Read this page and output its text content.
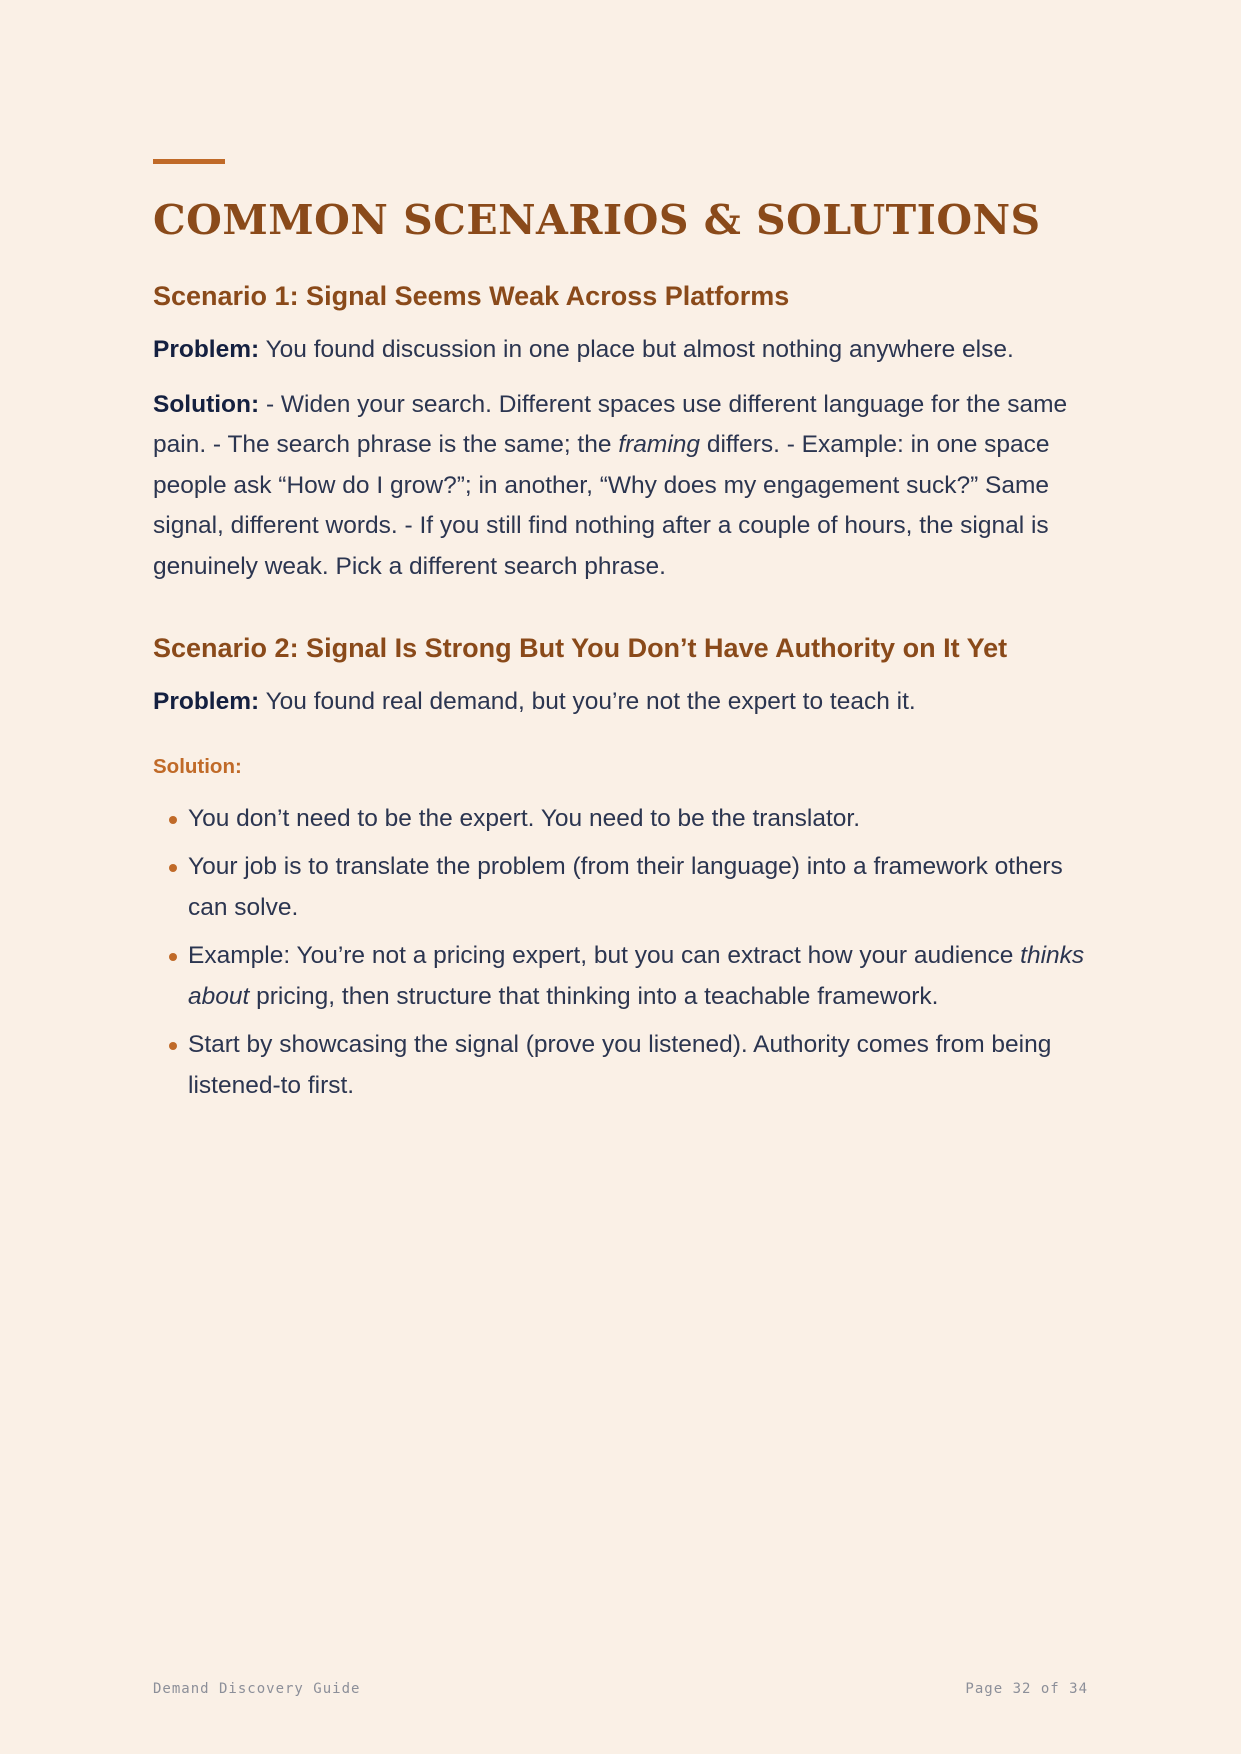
COMMON SCENARIOS & SOLUTIONS
Scenario 1: Signal Seems Weak Across Platforms

Problem: You found discussion in one place but almost nothing anywhere else.

Solution: - Widen your search. Different spaces use different language for the same pain. - The search phrase is the same; the framing differs. - Example: in one space people ask “How do I grow?”; in another, “Why does my engagement suck?” Same signal, different words. - If you still find nothing after a couple of hours, the signal is genuinely weak. Pick a different search phrase.

Scenario 2: Signal Is Strong But You Don’t Have Authority on It Yet

Problem: You found real demand, but you’re not the expert to teach it.

Solution:
You don’t need to be the expert. You need to be the translator.
Your job is to translate the problem (from their language) into a framework others can solve.
Example: You’re not a pricing expert, but you can extract how your audience thinks about pricing, then structure that thinking into a teachable framework.
Start by showcasing the signal (prove you listened). Authority comes from being listened-to first.
Demand Discovery Guide	Page 32 of 34
